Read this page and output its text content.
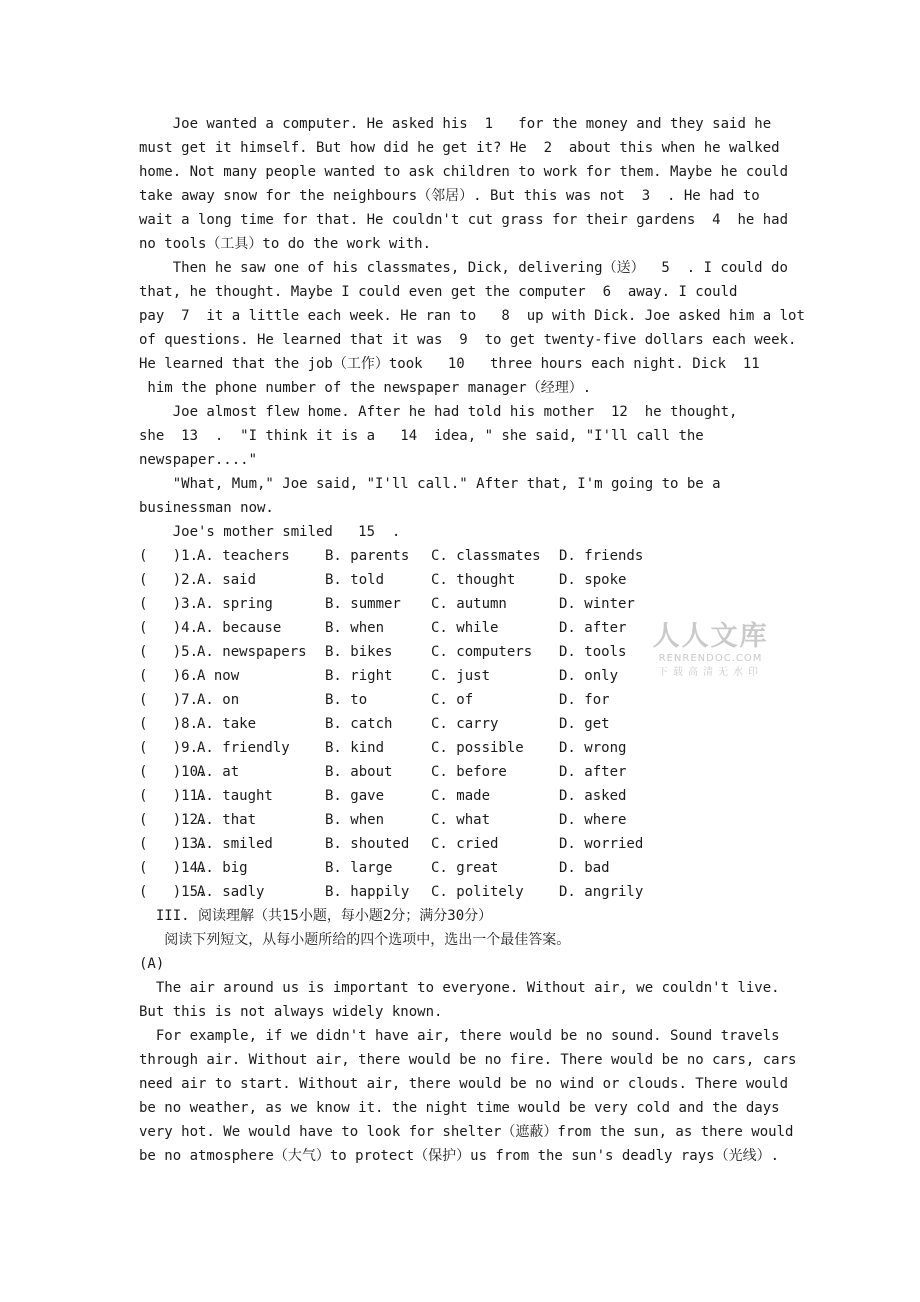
Joe wanted a computer. He asked his  1   for the money and they said he
must get it himself. But how did he get it? He  2  about this when he walked
home. Not many people wanted to ask children to work for them. Maybe he could
take away snow for the neighbours（邻居）. But this was not  3  . He had to
wait a long time for that. He couldn't cut grass for their gardens  4  he had
no tools（工具）to do the work with.
Then he saw one of his classmates, Dick, delivering（送）  5  . I could do
that, he thought. Maybe I could even get the computer  6  away. I could
pay  7  it a little each week. He ran to   8  up with Dick. Joe asked him a lot
of questions. He learned that it was  9  to get twenty-five dollars each week.
He learned that the job（工作）took   10   three hours each night. Dick  11
him the phone number of the newspaper manager（经理）.
Joe almost flew home. After he had told his mother  12  he thought,
she  13  .  "I think it is a   14  idea, " she said, "I'll call the
newspaper...."
"What, Mum," Joe said, "I'll call." After that, I'm going to be a
businessman now.
Joe's mother smiled   15  .
(   )1.
A. teachers	B. parents C. classmates D. friends
(   )2.
A. said	B. told	C. thought	D. spoke
(   )3.
A. spring	B. summer C. autumn	D. winter
(   )4.
A. because	B. when	C. while	D. after
(   )5.
A. newspapers B. bikes	C. computers D. tools
(   )6.
A now	B. right	C. just	D. only
(   )7.
A. on	B. to	C. of	D. for
(   )8.
A. take	B. catch	C. carry	D. get
(   )9.
A. friendly	B. kind	C. possible	D. wrong
(   )10.
A. at	B. about	C. before	D. after
(   )11.
A. taught	B. gave	C. made	D. asked
(   )12.
A. that	B. when	C. what	D. where
(   )13.
A. smiled	B. shouted C. cried	D. worried
(   )14.
A. big	B. large	C. great	D. bad
(   )15.
A. sadly	B. happily C. politely	D. angrily
III. 阅读理解（共15小题，每小题2分；满分30分）
阅读下列短文，从每小题所给的四个选项中，选出一个最佳答案。
(A)
The air around us is important to everyone. Without air, we couldn't live.
But this is not always widely known.
For example, if we didn't have air, there would be no sound. Sound travels
through air. Without air, there would be no fire. There would be no cars, cars
need air to start. Without air, there would be no wind or clouds. There would
be no weather, as we know it. the night time would be very cold and the days
very hot. We would have to look for shelter（遮蔽）from the sun, as there would
be no atmosphere（大气）to protect（保护）us from the sun's deadly rays（光线）.
人人文库
RENRENDOC.COM
下载高清无水印
